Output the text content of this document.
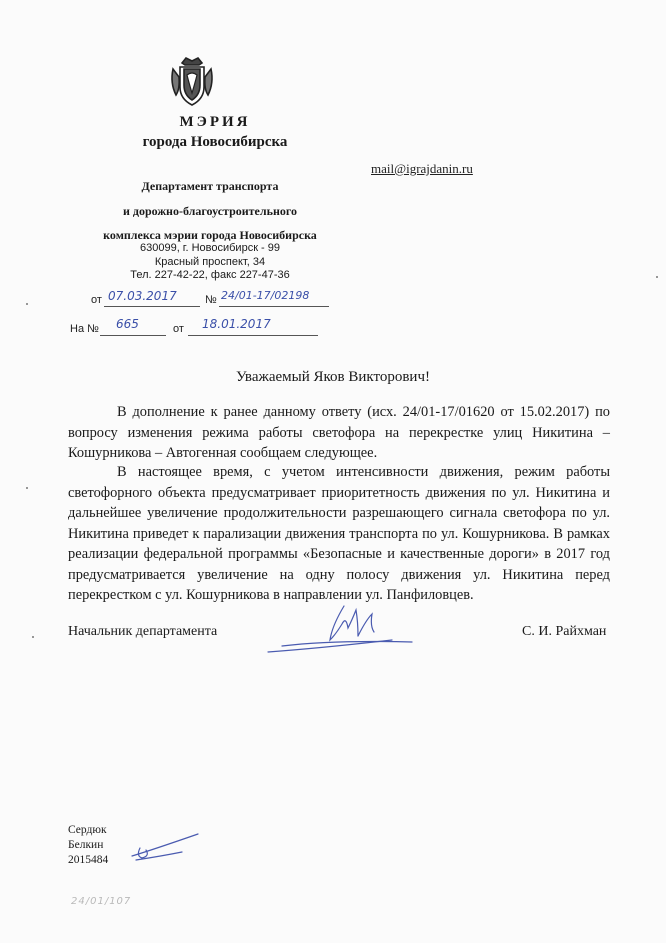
МЭРИЯ
города Новосибирска
Департамент транспорта
и дорожно-благоустроительного
комплекса мэрии города Новосибирска
630099, г. Новосибирск - 99
Красный проспект, 34
Тел. 227-42-22, факс 227-47-36
mail@igrajdanin.ru
от 07.03.2017	№ 24/01-17/02198
На № 665	от 18.01.2017
Уважаемый Яков Викторович!

В дополнение к ранее данному ответу (исх. 24/01-17/01620 от 15.02.2017) по вопросу изменения режима работы светофора на перекрестке улиц Никитина – Кошурникова – Автогенная сообщаем следующее.

В настоящее время, с учетом интенсивности движения, режим работы светофорного объекта предусматривает приоритетность движения по ул. Никитина и дальнейшее увеличение продолжительности разрешающего сигнала светофора по ул. Никитина приведет к парализации движения транспорта по ул. Кошурникова. В рамках реализации федеральной программы «Безопасные и качественные дороги» в 2017 год предусматривается увеличение на одну полосу движения ул. Никитина перед перекрестком с ул. Кошурникова в направлении ул. Панфиловцев.

Начальник департамента	С. И. Райхман
Сердюк
Белкин
2015484
24/01/107
